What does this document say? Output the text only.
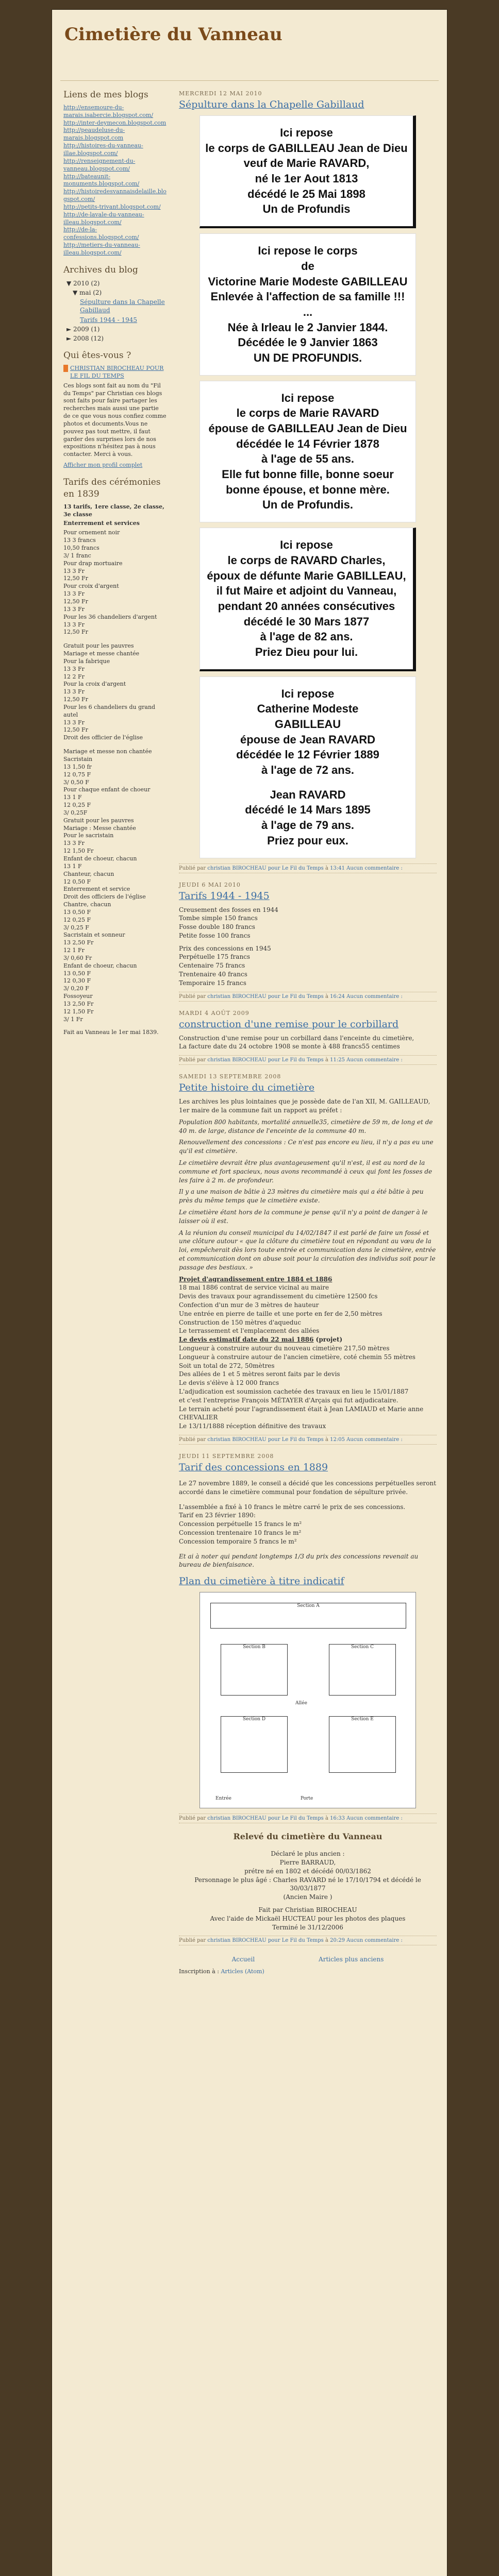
Cimetière du Vanneau
Liens de mes blogs
http://ensemoure-du-marais.isabercie.blogspot.com/
http://inter-deymecon.blogspot.com
http://peaudeluse-du-marais.blogspot.com
http://histoires-du-vanneau-illae.blogspot.com/
http://renseignement-du-vanneau.blogspot.com/
http://bateaunit-monuments.blogspot.com/
http://histoiredesvannaisdelaille.blogspot.com/
http://petits-trivant.blogspot.com/
http://de-lavale-du-vanneau-illeau.blogspot.com/
http://de-la-confessions.blogspot.com/
http://metiers-du-vanneau-illeau.blogspot.com/
Archives du blog
▼ 2010 (2)
▼ mai (2)
Sépulture dans la Chapelle Gabillaud
Tarifs 1944 - 1945
► 2009 (1)
► 2008 (12)
Qui êtes-vous ?
CHRISTIAN BIROCHEAU POUR LE FIL DU TEMPS

Ces blogs sont fait au nom du "Fil du Temps" par Christian ces blogs sont faits pour faire partager les recherches mais aussi une partie de ce que vous nous confiez comme photos et documents.Vous ne pouvez pas tout mettre, il faut garder des surprises lors de nos expositions n'hésitez pas à nous contacter. Merci à vous.

Afficher mon profil complet
Tarifs des cérémonies en 1839
13 tarifs, 1ere classe, 2e classe, 3e classe
Enterrement et services
Pour ornement noir
13 3 francs
10,50 francs
3/ 1 franc
Pour drap mortuaire
13 3 Fr
12,50 Fr
Pour croix d'argent
13 3 Fr
12,50 Fr
13 3 Fr
Pour les 36 chandeliers d'argent
13 3 Fr
12,50 Fr
Gratuit pour les pauvres
Mariage et messe chantée
Pour la fabrique
13 3 Fr
12 2 Fr
Pour la croix d'argent
13 3 Fr
12,50 Fr
Pour les 6 chandeliers du grand autel
13 3 Fr
12,50 Fr
Droit des officier de l'église
Mariage et messe non chantée
Sacristain
13 1,50 fr
12 0,75 F
3/ 0,50 F
Pour chaque enfant de choeur
13 1 F
12 0,25 F
3/ 0,25F
Gratuit pour les pauvres
Mariage : Messe chantée
Pour le sacristain
13 3 Fr
12 1,50 Fr
Enfant de choeur, chacun
13 1 F
Chanteur, chacun
12 0,50 F
Enterrement et service
Droit des officiers de l'église
Chantre, chacun
13 0,50 F
12 0,25 F
3/ 0,25 F
Sacristain et sonneur
13 2,50 Fr
12 1 Fr
3/ 0,60 Fr
Enfant de choeur, chacun
13 0,50 F
12 0,30 F
3/ 0,20 F
Fossoyeur
13 2,50 Fr
12 1,50 Fr
3/ 1 Fr

Fait au Vanneau le 1er mai 1839.

MERCREDI 12 MAI 2010
Sépulture dans la Chapelle Gabillaud

Ici repose

le corps de GABILLEAU Jean de Dieu

veuf de Marie RAVARD,

né le 1er Aout 1813

décédé le 25 Mai 1898

Un de Profundis

Ici repose le corps

de

Victorine Marie Modeste GABILLEAU

Enlevée à l'affection de sa famille !!! ...

Née à Irleau le 2 Janvier 1844.

Décédée le 9 Janvier 1863

UN DE PROFUNDIS.

Ici repose

le corps de Marie RAVARD

épouse de GABILLEAU Jean de Dieu

décédée le 14 Février 1878

à l'age de 55 ans.

Elle fut bonne fille, bonne soeur

bonne épouse, et bonne mère.

Un de Profundis.

Ici repose

le corps de RAVARD Charles,

époux de défunte Marie GABILLEAU,

il fut Maire et adjoint du Vanneau,

pendant 20 années consécutives

décédé le 30 Mars 1877

à l'age de 82 ans.

Priez Dieu pour lui.

Ici repose

Catherine Modeste

GABILLEAU

épouse de Jean RAVARD

décédée le 12 Février 1889

à l'age de 72 ans.

Jean RAVARD

décédé le 14 Mars 1895

à l'age de 79 ans.

Priez pour eux.

Publié par christian BIROCHEAU pour Le Fil du Temps à 13:41 Aucun commentaire :
JEUDI 6 MAI 2010
Tarifs 1944 - 1945
Creusement des fosses en 1944
Tombe simple 150 francs
Fosse double 180 francs
Petite fosse 100 francs
Prix des concessions en 1945
Perpétuelle 175 francs
Centenaire 75 francs
Trentenaire 40 francs
Temporaire 15 francs
Publié par christian BIROCHEAU pour Le Fil du Temps à 16:24 Aucun commentaire :
MARDI 4 AOÛT 2009
construction d'une remise pour le corbillard
Construction d'une remise pour un corbillard dans l'enceinte du cimetière,
La facture date du 24 octobre 1908 se monte à 488 francs55 centimes
Publié par christian BIROCHEAU pour Le Fil du Temps à 11:25 Aucun commentaire :
SAMEDI 13 SEPTEMBRE 2008
Petite histoire du cimetière

Les archives les plus lointaines que je possède date de l'an XII, M. GAILLEAUD, 1er maire de la commune fait un rapport au préfet :

Population 800 habitants, mortalité annuelle35, cimetière de 59 m, de long et de 40 m. de large, distance de l'enceinte de la commune 40 m.

Renouvellement des concessions : Ce n'est pas encore eu lieu, il n'y a pas eu une qu'il est cimetière.

Le cimetière devrait être plus avantageusement qu'il n'est, il est au nord de la commune et fort spacieux, nous avons recommandé à ceux qui font les fosses de les faire à 2 m. de profondeur.

Il y a une maison de bâtie à 23 mètres du cimetière mais qui a été bâtie à peu près du même temps que le cimetière existe.

Le cimetière étant hors de la commune je pense qu'il n'y a point de danger à le laisser où il est.

A la réunion du conseil municipal du 14/02/1847 il est parlé de faire un fossé et une clôture autour « que la clôture du cimetière tout en répondant au vœu de la loi, empêcherait dès lors toute entrée et communication dans le cimetière, entrée et communication dont on abuse soit pour la circulation des individus soit pour le passage des bestiaux. »

Projet d'agrandissement entre 1884 et 1886
18 mai 1886 contrat de service vicinal au maire
Devis des travaux pour agrandissement du cimetière 12500 fcs
Confection d'un mur de 3 mètres de hauteur
Une entrée en pierre de taille et une porte en fer de 2,50 mètres
Construction de 150 mètres d'aqueduc
Le terrassement et l'emplacement des allées
Le devis estimatif date du 22 mai 1886 (projet)
Longueur à construire autour du nouveau cimetière 217,50 mètres
Longueur à construire autour de l'ancien cimetière, coté chemin 55 mètres
Soit un total de 272, 50mètres
Des allées de 1 et 5 mètres seront faits par le devis
Le devis s'élève à 12 000 francs
L'adjudication est soumission cachetée des travaux en lieu le 15/01/1887
et c'est l'entreprise François MÉTAYER d'Arçais qui fut adjudicataire.
Le terrain acheté pour l'agrandissement était à Jean LAMIAUD et Marie anne CHEVALIER
Le 13/11/1888 réception définitive des travaux
Publié par christian BIROCHEAU pour Le Fil du Temps à 12:05 Aucun commentaire :
JEUDI 11 SEPTEMBRE 2008
Tarif des concessions en 1889

Le 27 novembre 1889, le conseil a décidé que les concessions perpétuelles seront accordé dans le cimetière communal pour fondation de sépulture privée.

L'assemblée a fixé à 10 francs le mètre carré le prix de ses concessions.
Tarif en 23 février 1890:
Concession perpétuelle 15 francs le m²
Concession trentenaire 10 francs le m²
Concession temporaire 5 francs le m²

Et ai à noter qui pendant longtemps 1/3 du prix des concessions revenait au bureau de bienfaisance.

Plan du cimetière à titre indicatif
Section A
Section B	Section C
Section D	Section E
Allée
Entrée	Porte
Publié par christian BIROCHEAU pour Le Fil du Temps à 16:33 Aucun commentaire :
Relevé du cimetière du Vanneau
Déclaré le plus ancien :
Pierre BARRAUD,
prétre né en 1802 et décédé 00/03/1862
Personnage le plus âgé : Charles RAVARD né le 17/10/1794 et décédé le 30/03/1877
(Ancien Maire )
Fait par Christian BIROCHEAU
Avec l'aide de Mickaël HUCTEAU pour les photos des plaques
Terminé le 31/12/2006
Publié par christian BIROCHEAU pour Le Fil du Temps à 20:29 Aucun commentaire :
Accueil	Articles plus anciens
Inscription à : Articles (Atom)
